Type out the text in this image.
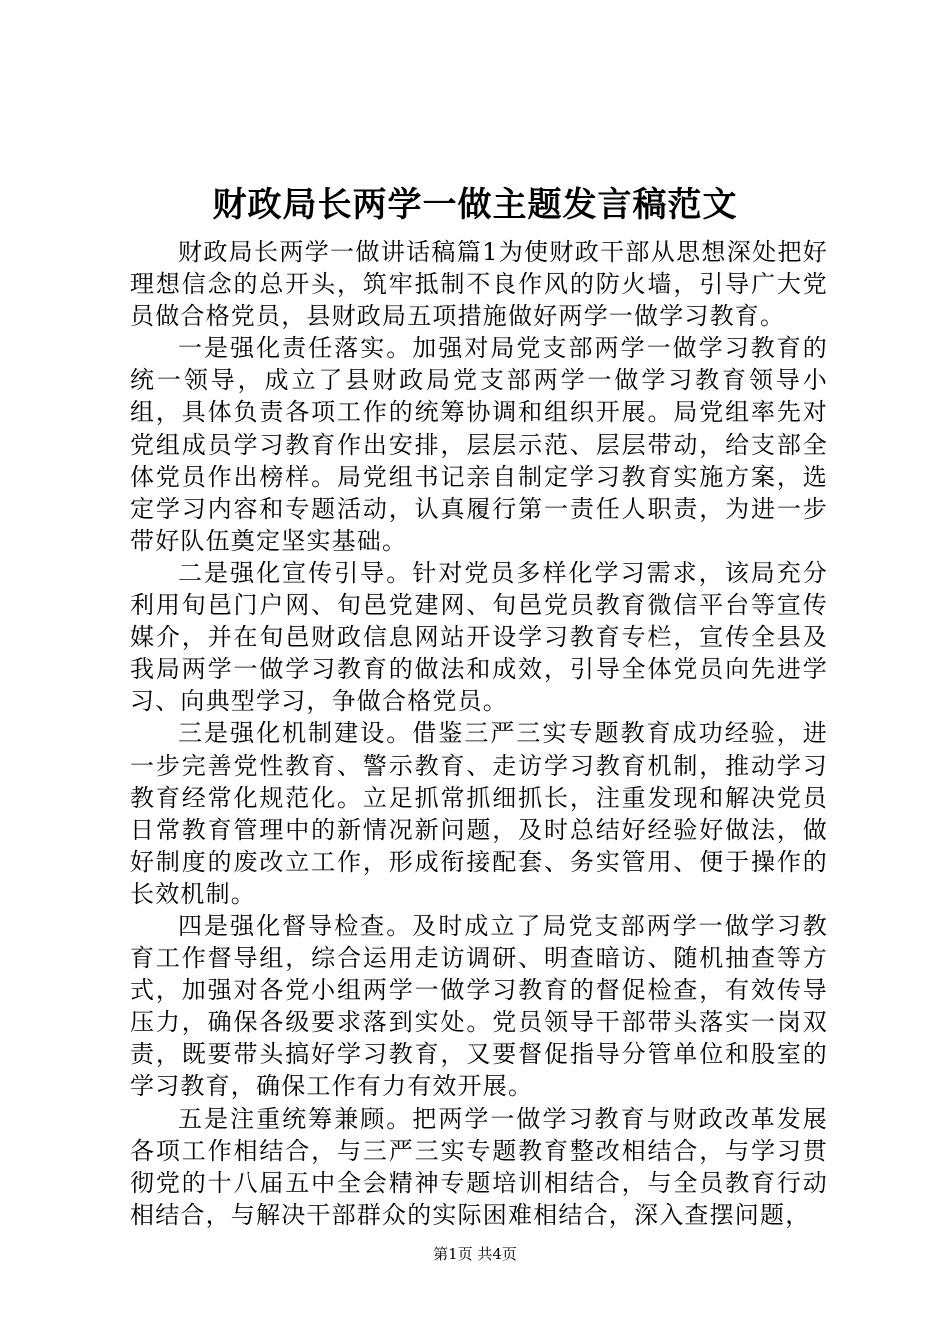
财政局长两学一做主题发言稿范文

财政局长两学一做讲话稿篇1为使财政干部从思想深处把好理想信念的总开头，筑牢抵制不良作风的防火墙，引导广大党员做合格党员，县财政局五项措施做好两学一做学习教育。

一是强化责任落实。加强对局党支部两学一做学习教育的统一领导，成立了县财政局党支部两学一做学习教育领导小组，具体负责各项工作的统筹协调和组织开展。局党组率先对党组成员学习教育作出安排，层层示范、层层带动，给支部全体党员作出榜样。局党组书记亲自制定学习教育实施方案，选定学习内容和专题活动，认真履行第一责任人职责，为进一步带好队伍奠定坚实基础。

二是强化宣传引导。针对党员多样化学习需求，该局充分利用旬邑门户网、旬邑党建网、旬邑党员教育微信平台等宣传媒介，并在旬邑财政信息网站开设学习教育专栏，宣传全县及我局两学一做学习教育的做法和成效，引导全体党员向先进学习、向典型学习，争做合格党员。

三是强化机制建设。借鉴三严三实专题教育成功经验，进一步完善党性教育、警示教育、走访学习教育机制，推动学习教育经常化规范化。立足抓常抓细抓长，注重发现和解决党员日常教育管理中的新情况新问题，及时总结好经验好做法，做好制度的废改立工作，形成衔接配套、务实管用、便于操作的长效机制。

四是强化督导检查。及时成立了局党支部两学一做学习教育工作督导组，综合运用走访调研、明查暗访、随机抽查等方式，加强对各党小组两学一做学习教育的督促检查，有效传导压力，确保各级要求落到实处。党员领导干部带头落实一岗双责，既要带头搞好学习教育，又要督促指导分管单位和股室的学习教育，确保工作有力有效开展。

五是注重统筹兼顾。把两学一做学习教育与财政改革发展各项工作相结合，与三严三实专题教育整改相结合，与学习贯彻党的十八届五中全会精神专题培训相结合，与全员教育行动相结合，与解决干部群众的实际困难相结合，深入查摆问题，

第1页 共4页
